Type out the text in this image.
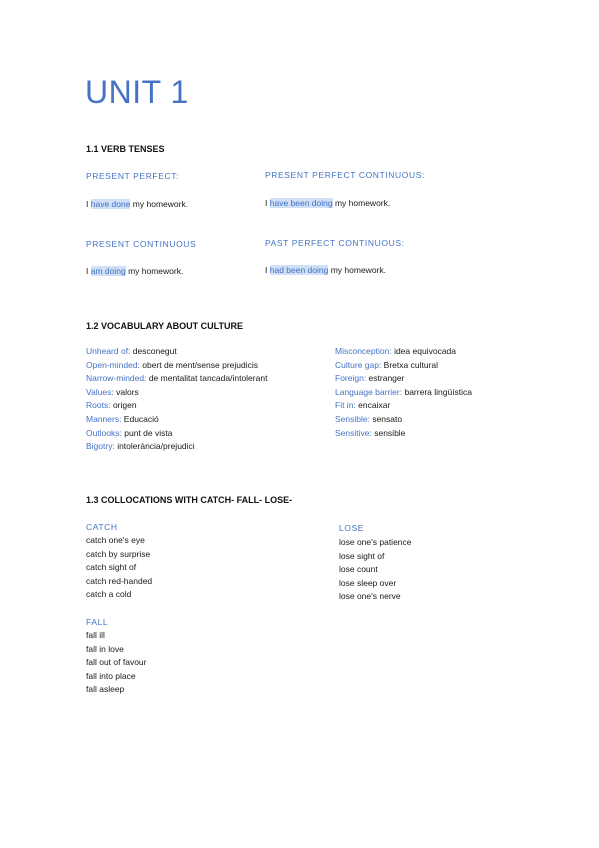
UNIT 1
1.1 VERB TENSES
PRESENT PERFECT:
I have done my homework.
PRESENT PERFECT CONTINUOUS:
I have been doing my homework.
PRESENT CONTINUOUS
I am doing my homework.
PAST PERFECT CONTINUOUS:
I had been doing my homework.
1.2 VOCABULARY ABOUT CULTURE
Unheard of: desconegut
Open-minded: obert de ment/sense prejudicis
Narrow-minded: de mentalitat tancada/intolerant
Values: valors
Roots: origen
Manners: Educació
Outlooks: punt de vista
Bigotry: intolerància/prejudici
Misconception: idea equivocada
Culture gap: Bretxa cultural
Foreign: estranger
Language barrier: barrera lingüística
Fit in: encaixar
Sensible: sensato
Sensitive: sensible
1.3 COLLOCATIONS WITH CATCH- FALL- LOSE-
CATCH
catch one's eye
catch by surprise
catch sight of
catch red-handed
catch a cold
FALL
fall ill
fall in love
fall out of favour
fall into place
fall asleep
LOSE
lose one's patience
lose sight of
lose count
lose sleep over
lose one's nerve
